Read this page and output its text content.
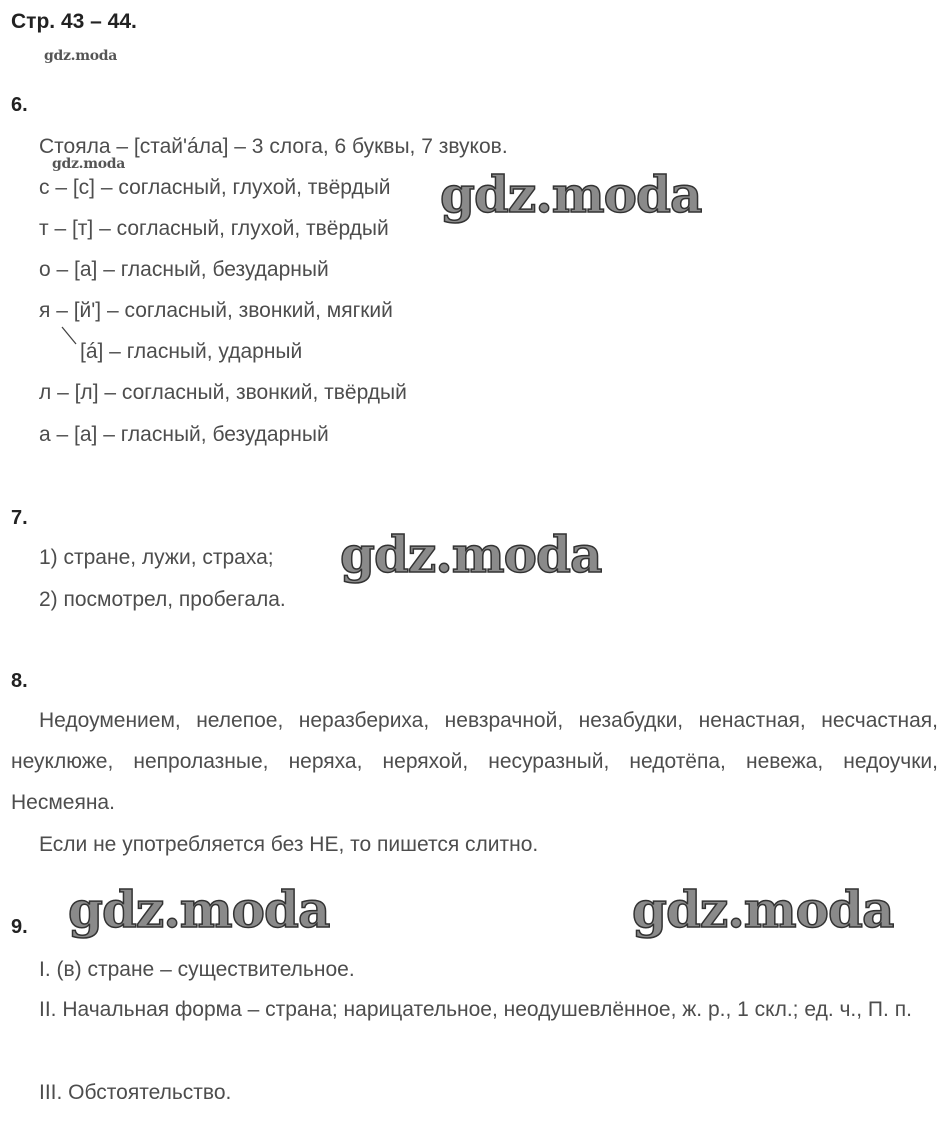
Стр. 43 – 44.
gdz.moda
6.
Стояла – [стай'áла] – 3 слога, 6 буквы, 7 звуков.
gdz.moda
с – [с] – согласный, глухой, твёрдый
т – [т] – согласный, глухой, твёрдый
о – [а] – гласный, безударный
я – [й'] – согласный, звонкий, мягкий
[á] – гласный, ударный
л – [л] – согласный, звонкий, твёрдый
а – [а] – гласный, безударный
gdz.moda
7.
1) стране, лужи, страха;
2) посмотрел, пробегала.
gdz.moda
8.
Недоумением, нелепое, неразбериха, невзрачной, незабудки, ненастная, несчастная, неуклюже, непролазные, неряха, неряхой, несуразный, недотёпа, невежа, недоучки, Несмеяна.
Если не употребляется без НЕ, то пишется слитно.
gdz.moda	gdz.moda
9.
I. (в) стране – существительное.
II. Начальная форма – страна; нарицательное, неодушевлённое, ж. р., 1 скл.; ед. ч., П. п.
III. Обстоятельство.
